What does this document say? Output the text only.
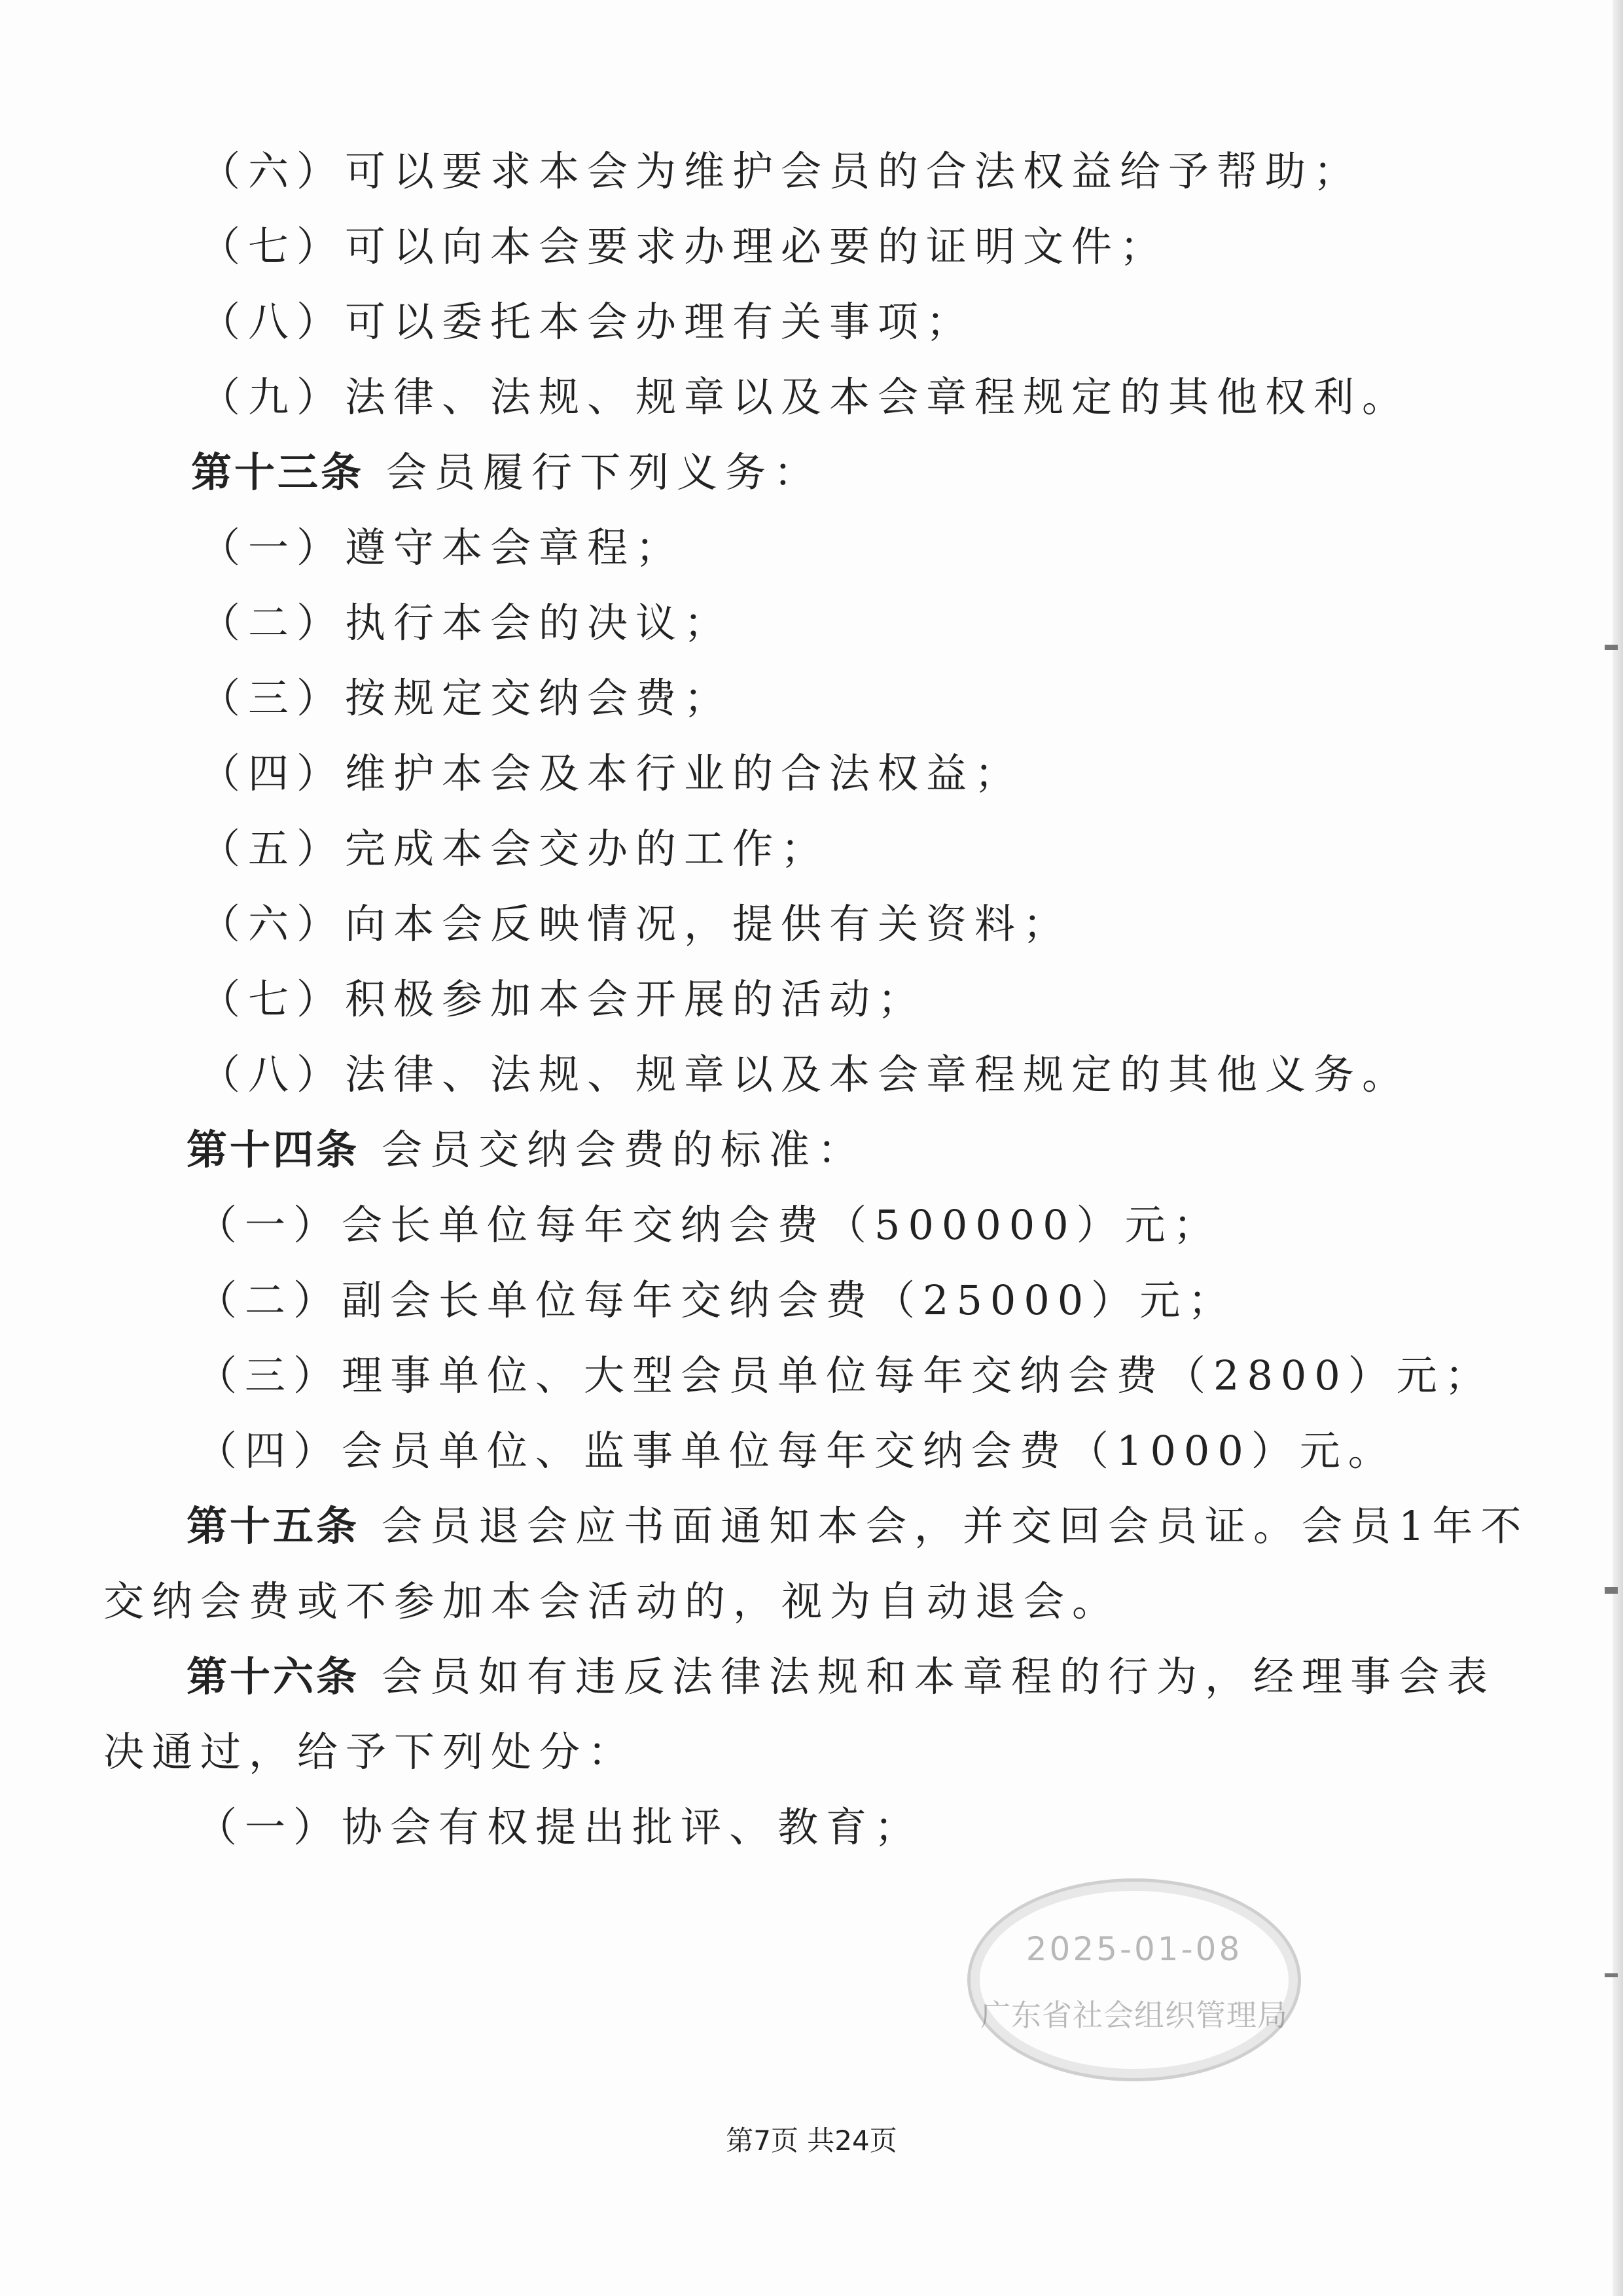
（六）可以要求本会为维护会员的合法权益给予帮助；
（七）可以向本会要求办理必要的证明文件；
（八）可以委托本会办理有关事项；
（九）法律、法规、规章以及本会章程规定的其他权利。
第十三条 会员履行下列义务：
（一）遵守本会章程；
（二）执行本会的决议；
（三）按规定交纳会费；
（四）维护本会及本行业的合法权益；
（五）完成本会交办的工作；
（六）向本会反映情况，提供有关资料；
（七）积极参加本会开展的活动；
（八）法律、法规、规章以及本会章程规定的其他义务。
第十四条 会员交纳会费的标准：
（一）会长单位每年交纳会费（500000）元；
（二）副会长单位每年交纳会费（25000）元；
（三）理事单位、大型会员单位每年交纳会费（2800）元；
（四）会员单位、监事单位每年交纳会费（1000）元。
第十五条 会员退会应书面通知本会，并交回会员证。会员1年不
交纳会费或不参加本会活动的，视为自动退会。
第十六条 会员如有违反法律法规和本章程的行为，经理事会表
决通过，给予下列处分：
（一）协会有权提出批评、教育；
2025-01-08
广东省社会组织管理局
第7页 共24页
